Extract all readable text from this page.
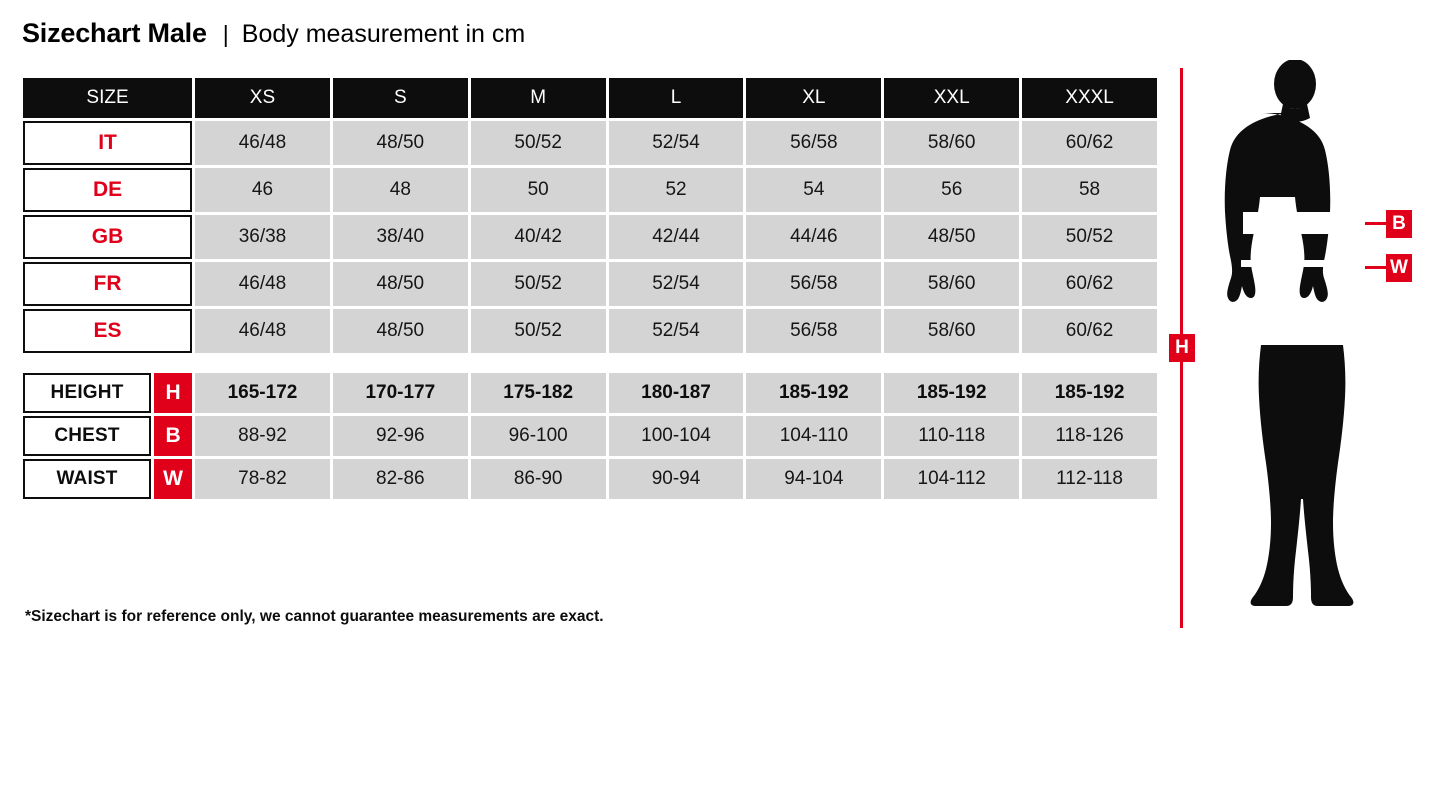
Sizechart Male | Body measurement in cm
SIZE	XS	S	M	L	XL	XXL	XXXL
IT	46/48	48/50	50/52	52/54	56/58	58/60	60/62
DE	46	48	50	52	54	56	58
GB	36/38	38/40	40/42	42/44	44/46	48/50	50/52
FR	46/48	48/50	50/52	52/54	56/58	58/60	60/62
ES	46/48	48/50	50/52	52/54	56/58	58/60	60/62

HEIGHT H	165-172	170-177	175-182	180-187	185-192	185-192	185-192

CHEST B	88-92	92-96	96-100	100-104	104-110	110-118	118-126

WAIST W	78-82	82-86	86-90	90-94	94-104	104-112	112-118
*Sizechart is for reference only, we cannot guarantee measurements are exact.
H
B
W
